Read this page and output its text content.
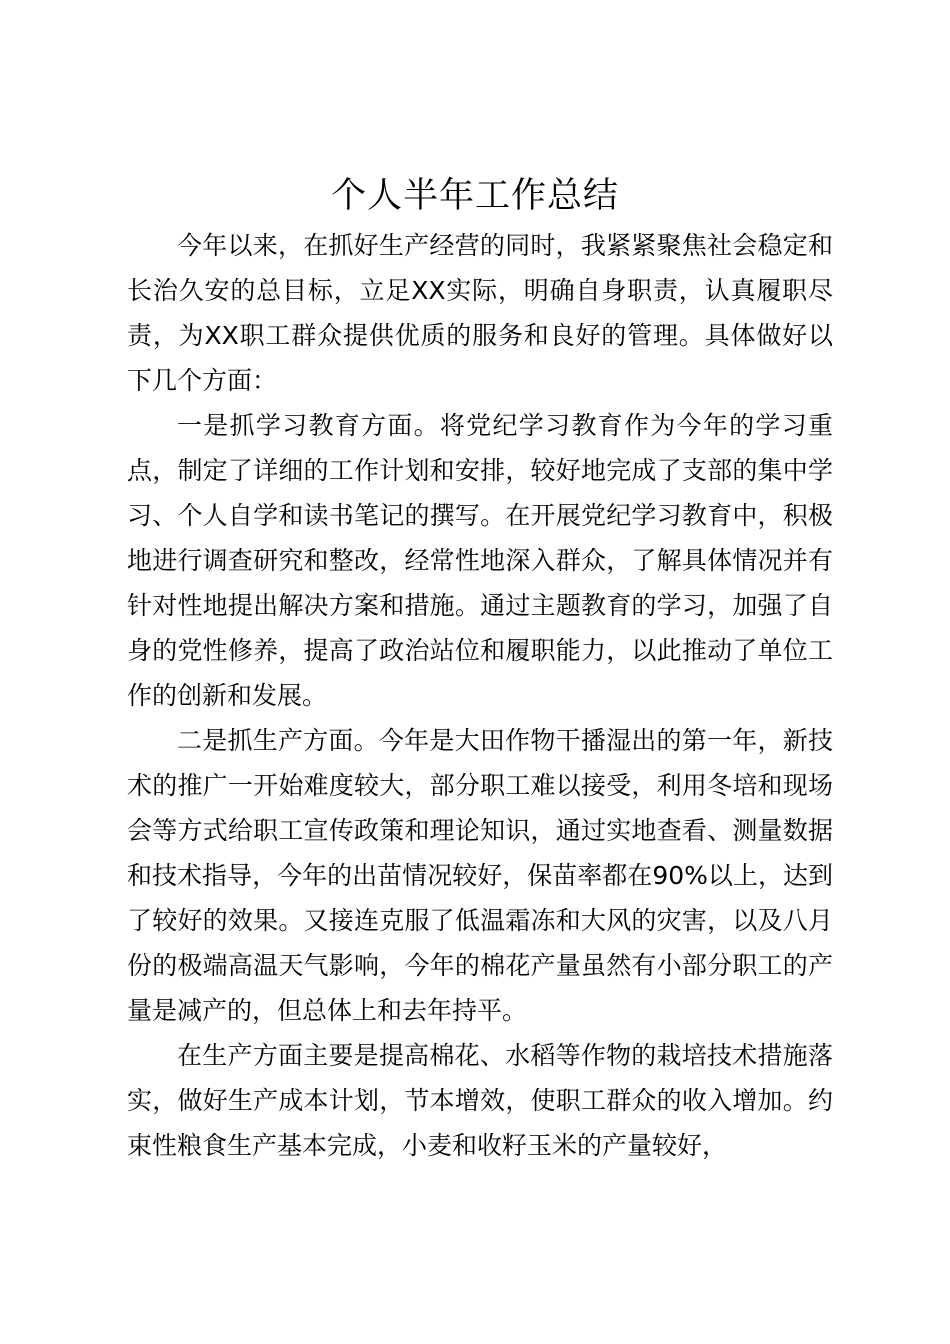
个人半年工作总结

今年以来，在抓好生产经营的同时，我紧紧聚焦社会稳定和长治久安的总目标，立足XX实际，明确自身职责，认真履职尽责，为XX职工群众提供优质的服务和良好的管理。具体做好以下几个方面：

一是抓学习教育方面。将党纪学习教育作为今年的学习重点，制定了详细的工作计划和安排，较好地完成了支部的集中学习、个人自学和读书笔记的撰写。在开展党纪学习教育中，积极地进行调查研究和整改，经常性地深入群众，了解具体情况并有针对性地提出解决方案和措施。通过主题教育的学习，加强了自身的党性修养，提高了政治站位和履职能力，以此推动了单位工作的创新和发展。

二是抓生产方面。今年是大田作物干播湿出的第一年，新技术的推广一开始难度较大，部分职工难以接受，利用冬培和现场会等方式给职工宣传政策和理论知识，通过实地查看、测量数据和技术指导，今年的出苗情况较好，保苗率都在90%以上，达到了较好的效果。又接连克服了低温霜冻和大风的灾害，以及八月份的极端高温天气影响，今年的棉花产量虽然有小部分职工的产量是减产的，但总体上和去年持平。

在生产方面主要是提高棉花、水稻等作物的栽培技术措施落实，做好生产成本计划，节本增效，使职工群众的收入增加。约束性粮食生产基本完成，小麦和收籽玉米的产量较好，
